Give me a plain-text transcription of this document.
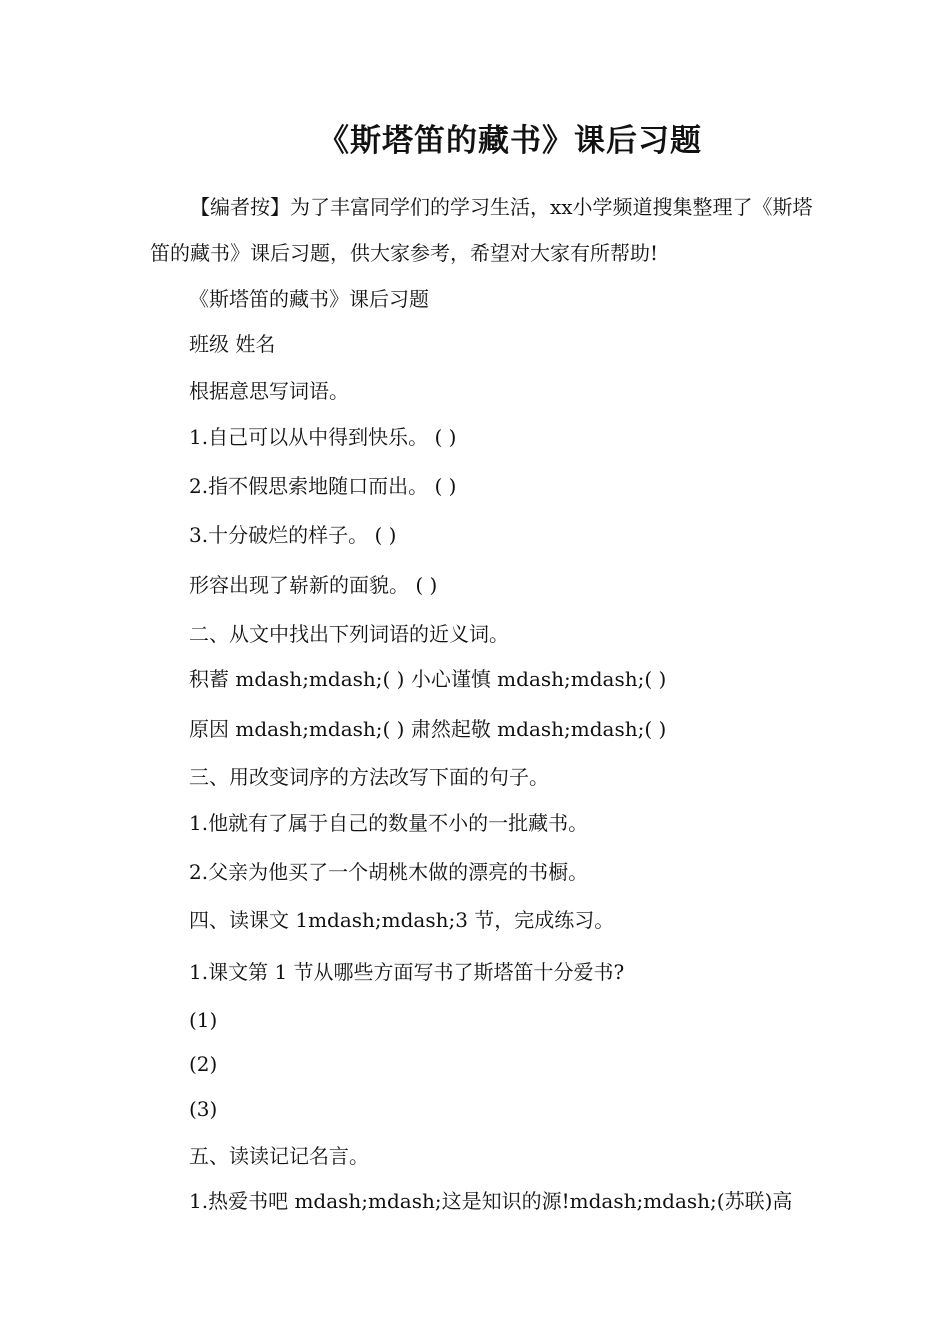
《斯塔笛的藏书》课后习题
【编者按】为了丰富同学们的学习生活，xx小学频道搜集整理了《斯塔笛的藏书》课后习题，供大家参考，希望对大家有所帮助!
《斯塔笛的藏书》课后习题
班级 姓名
根据意思写词语。
1.自己可以从中得到快乐。 ( )
2.指不假思索地随口而出。 ( )
3.十分破烂的样子。 ( )
形容出现了崭新的面貌。 ( )
二、从文中找出下列词语的近义词。
积蓄 mdash;mdash;( ) 小心谨慎 mdash;mdash;( )
原因 mdash;mdash;( ) 肃然起敬 mdash;mdash;( )
三、用改变词序的方法改写下面的句子。
1.他就有了属于自己的数量不小的一批藏书。
2.父亲为他买了一个胡桃木做的漂亮的书橱。
四、读课文 1mdash;mdash;3 节，完成练习。
1.课文第 1 节从哪些方面写书了斯塔笛十分爱书?
(1)
(2)
(3)
五、读读记记名言。
1.热爱书吧 mdash;mdash;这是知识的源!mdash;mdash;(苏联)高
